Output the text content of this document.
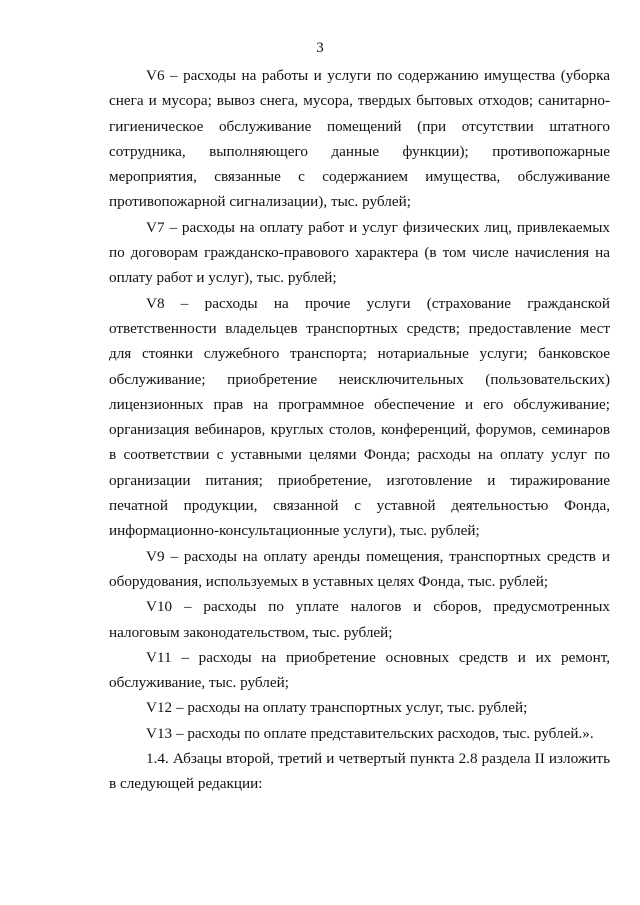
3

V6 – расходы на работы и услуги по содержанию имущества (уборка снега и мусора; вывоз снега, мусора, твердых бытовых отходов; санитарно-гигиеническое обслуживание помещений (при отсутствии штатного сотрудника, выполняющего данные функции); противопожарные мероприятия, связанные с содержанием имущества, обслуживание противопожарной сигнализации), тыс. рублей;

V7 – расходы на оплату работ и услуг физических лиц, привлекаемых по договорам гражданско-правового характера (в том числе начисления на оплату работ и услуг), тыс. рублей;

V8 – расходы на прочие услуги (страхование гражданской ответственности владельцев транспортных средств; предоставление мест для стоянки служебного транспорта; нотариальные услуги; банковское обслуживание; приобретение неисключительных (пользовательских) лицензионных прав на программное обеспечение и его обслуживание; организация вебинаров, круглых столов, конференций, форумов, семинаров в соответствии с уставными целями Фонда; расходы на оплату услуг по организации питания; приобретение, изготовление и тиражирование печатной продукции, связанной с уставной деятельностью Фонда, информационно-консультационные услуги), тыс. рублей;

V9 – расходы на оплату аренды помещения, транспортных средств и оборудования, используемых в уставных целях Фонда, тыс. рублей;

V10 – расходы по уплате налогов и сборов, предусмотренных налоговым законодательством, тыс. рублей;

V11 – расходы на приобретение основных средств и их ремонт, обслуживание, тыс. рублей;

V12 – расходы на оплату транспортных услуг, тыс. рублей;

V13 – расходы по оплате представительских расходов, тыс. рублей.».

1.4. Абзацы второй, третий и четвертый пункта 2.8 раздела II изложить в следующей редакции:
